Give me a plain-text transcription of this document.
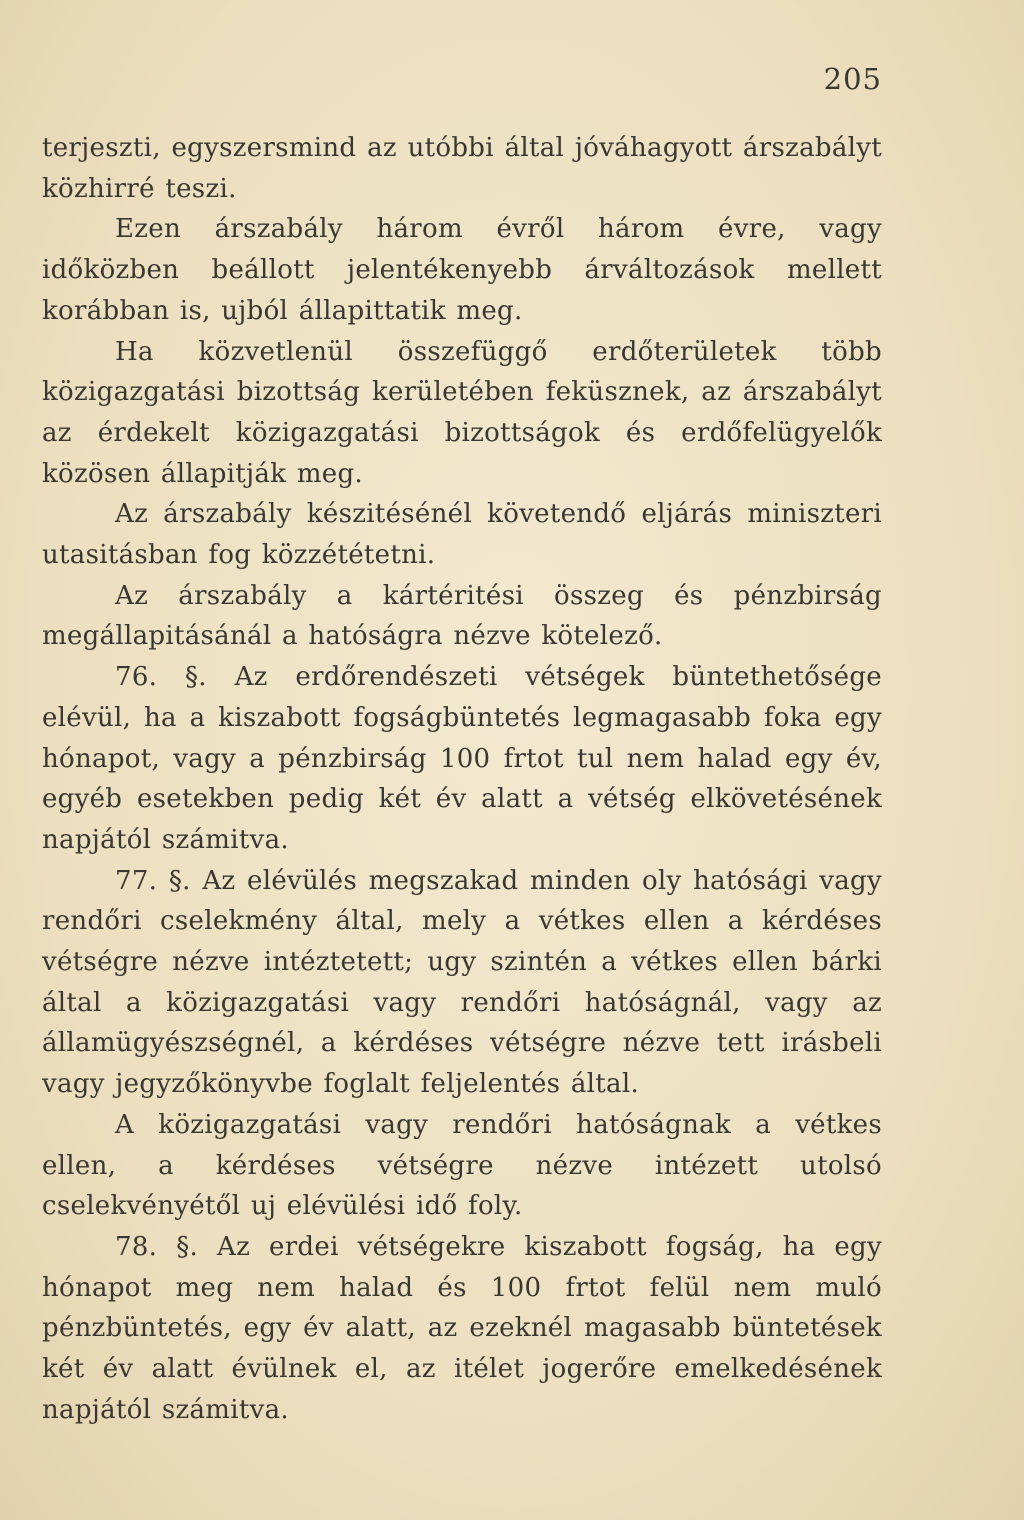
205

terjeszti, egyszersmind az utóbbi által jóváhagyott árszabályt közhirré teszi.

Ezen árszabály három évről három évre, vagy időközben beállott jelentékenyebb árváltozások mellett korábban is, ujból állapittatik meg.

Ha közvetlenül összefüggő erdőterületek több közigazgatási bizottság kerületében feküsznek, az árszabályt az érdekelt közigazgatási bizottságok és erdőfelügyelők közösen állapitják meg.

Az árszabály készitésénél követendő eljárás miniszteri utasitásban fog közzététetni.

Az árszabály a kártéritési összeg és pénzbirság megállapitásánál a hatóságra nézve kötelező.

76. §. Az erdőrendészeti vétségek büntethetősége elévül, ha a kiszabott fogságbüntetés legmagasabb foka egy hónapot, vagy a pénzbirság 100 frtot tul nem halad egy év, egyéb esetekben pedig két év alatt a vétség elkövetésének napjától számitva.

77. §. Az elévülés megszakad minden oly hatósági vagy rendőri cselekmény által, mely a vétkes ellen a kérdéses vétségre nézve intéztetett; ugy szintén a vétkes ellen bárki által a közigazgatási vagy rendőri hatóságnál, vagy az államügyészségnél, a kérdéses vétségre nézve tett irásbeli vagy jegyzőkönyvbe foglalt feljelentés által.

A közigazgatási vagy rendőri hatóságnak a vétkes ellen, a kérdéses vétségre nézve intézett utolsó cselekvényétől uj elévülési idő foly.

78. §. Az erdei vétségekre kiszabott fogság, ha egy hónapot meg nem halad és 100 frtot felül nem muló pénzbüntetés, egy év alatt, az ezeknél magasabb büntetések két év alatt évülnek el, az itélet jogerőre emelkedésének napjától számitva.
